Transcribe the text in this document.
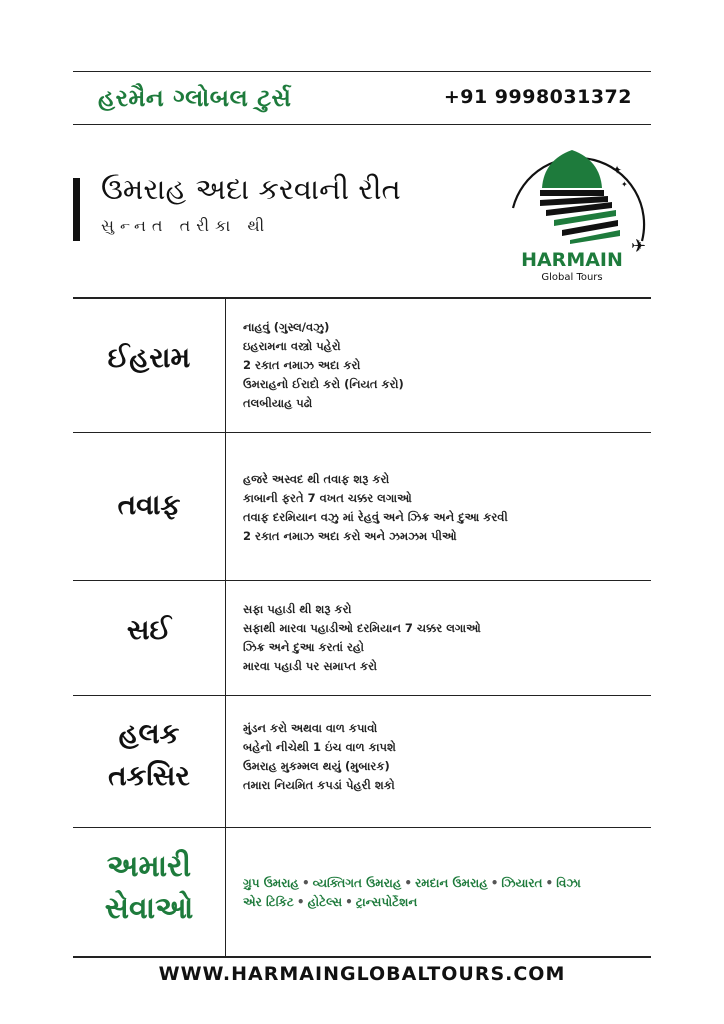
હરમૈન ગ્લોબલ ટુર્સ	+91 9998031372
ઉમરાહ અદા કરવાની રીત
સુન્નત તરીકા થી
✦
✦
✈
HARMAIN
Global Tours
ઈહરામ
નાહવું (ગુસ્લ/વઝુ)
ઇહરામના વસ્ત્રો પહેરો
2 રકાત નમાઝ અદા કરો
ઉમરાહનો ઈરાદો કરો (નિયત કરો)
તલબીયાહ પઢો
તવાફ
હજરે અસ્વદ થી તવાફ શરૂ કરો
કાબાની ફરતે 7 વખત ચક્કર લગાઓ
તવાફ દરમિયાન વઝુ માં રેહવું અને ઝિક્ર અને દુઆ કરવી
2 રકાત નમાઝ અદા કરો અને ઝમઝમ પીઓ
સઈ
સફા પહાડી થી શરૂ કરો
સફાથી મારવા પહાડીઓ દરમિયાન 7 ચક્કર લગાઓ
ઝિક્ર અને દુઆ કરતાં રહો
મારવા પહાડી પર સમાપ્ત કરો
હલક
તકસિર
મુંડન કરો અથવા વાળ કપાવો
બહેનો નીચેથી 1 ઇંચ વાળ કાપશે
ઉમરાહ મુકમ્મલ થયું (મુબારક)
તમારા નિયમિત કપડાં પેહરી શકો
અમારી
સેવાઓ
ગ્રુપ ઉમરાહ • વ્યક્તિગત ઉમરાહ • રમદાન ઉમરાહ • ઝિયારત • વિઝા
એર ટિકિટ • હોટેલ્સ • ટ્રાન્સપોર્ટેશન
WWW.HARMAINGLOBALTOURS.COM
